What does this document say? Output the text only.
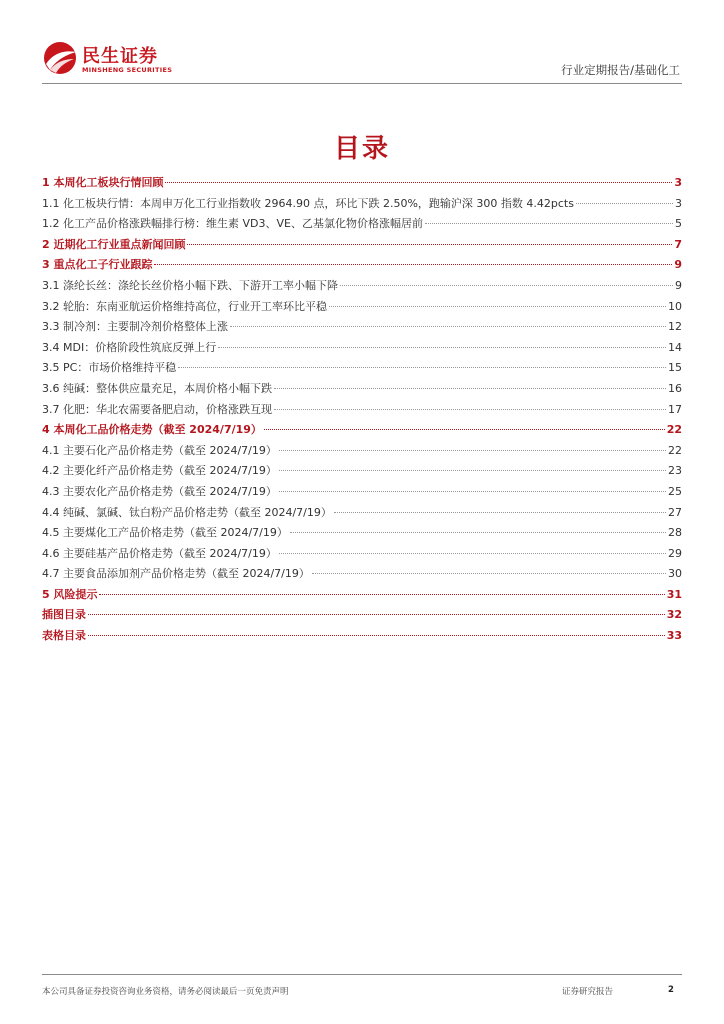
民生证券
MINSHENG SECURITIES	行业定期报告/基础化工
目录
1 本周化工板块行情回顾	3
1.1 化工板块行情：本周申万化工行业指数收 2964.90 点，环比下跌 2.50%，跑输沪深 300 指数 4.42pcts	3
1.2 化工产品价格涨跌幅排行榜：维生素 VD3、VE、乙基氯化物价格涨幅居前	5
2 近期化工行业重点新闻回顾	7
3 重点化工子行业跟踪	9
3.1 涤纶长丝：涤纶长丝价格小幅下跌、下游开工率小幅下降	9
3.2 轮胎：东南亚航运价格维持高位，行业开工率环比平稳	10
3.3 制冷剂：主要制冷剂价格整体上涨	12
3.4 MDI：价格阶段性筑底反弹上行	14
3.5 PC：市场价格维持平稳	15
3.6 纯碱：整体供应量充足，本周价格小幅下跌	16
3.7 化肥：华北农需要备肥启动，价格涨跌互现	17
4 本周化工品价格走势（截至 2024/7/19）	22
4.1 主要石化产品价格走势（截至 2024/7/19）	22
4.2 主要化纤产品价格走势（截至 2024/7/19）	23
4.3 主要农化产品价格走势（截至 2024/7/19）	25
4.4 纯碱、氯碱、钛白粉产品价格走势（截至 2024/7/19）	27
4.5 主要煤化工产品价格走势（截至 2024/7/19）	28
4.6 主要硅基产品价格走势（截至 2024/7/19）	29
4.7 主要食品添加剂产品价格走势（截至 2024/7/19）	30
5 风险提示	31
插图目录	32
表格目录	33
本公司具备证券投资咨询业务资格，请务必阅读最后一页免责声明	证券研究报告	2
